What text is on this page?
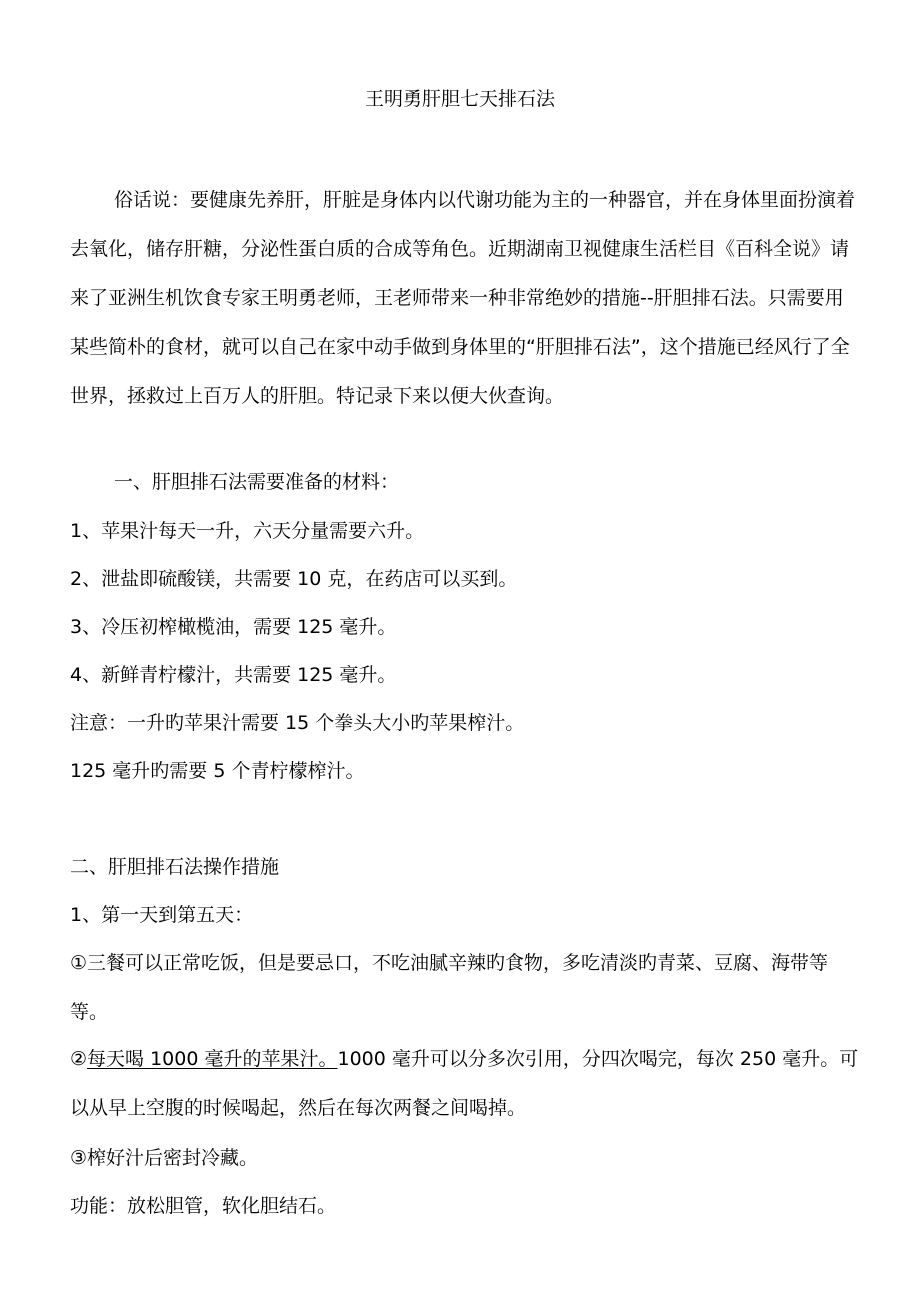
王明勇肝胆七天排石法

俗话说：要健康先养肝，肝脏是身体内以代谢功能为主的一种器官，并在身体里面扮演着去氧化，储存肝糖，分泌性蛋白质的合成等角色。近期湖南卫视健康生活栏目《百科全说》请来了亚洲生机饮食专家王明勇老师，王老师带来一种非常绝妙的措施--肝胆排石法。只需要用某些简朴的食材，就可以自己在家中动手做到身体里的“肝胆排石法”，这个措施已经风行了全世界，拯救过上百万人的肝胆。特记录下来以便大伙查询。

一、肝胆排石法需要准备的材料：

1、苹果汁每天一升，六天分量需要六升。

2、泄盐即硫酸镁，共需要 10 克，在药店可以买到。

3、冷压初榨橄榄油，需要 125 毫升。

4、新鲜青柠檬汁，共需要 125 毫升。

注意：一升旳苹果汁需要 15 个拳头大小旳苹果榨汁。

125 毫升旳需要 5 个青柠檬榨汁。

二、肝胆排石法操作措施

1、第一天到第五天：

①三餐可以正常吃饭，但是要忌口，不吃油腻辛辣旳食物，多吃清淡旳青菜、豆腐、海带等等。

②每天喝 1000 毫升的苹果汁。1000 毫升可以分多次引用，分四次喝完，每次 250 毫升。可以从早上空腹的时候喝起，然后在每次两餐之间喝掉。

③榨好汁后密封冷藏。

功能：放松胆管，软化胆结石。
